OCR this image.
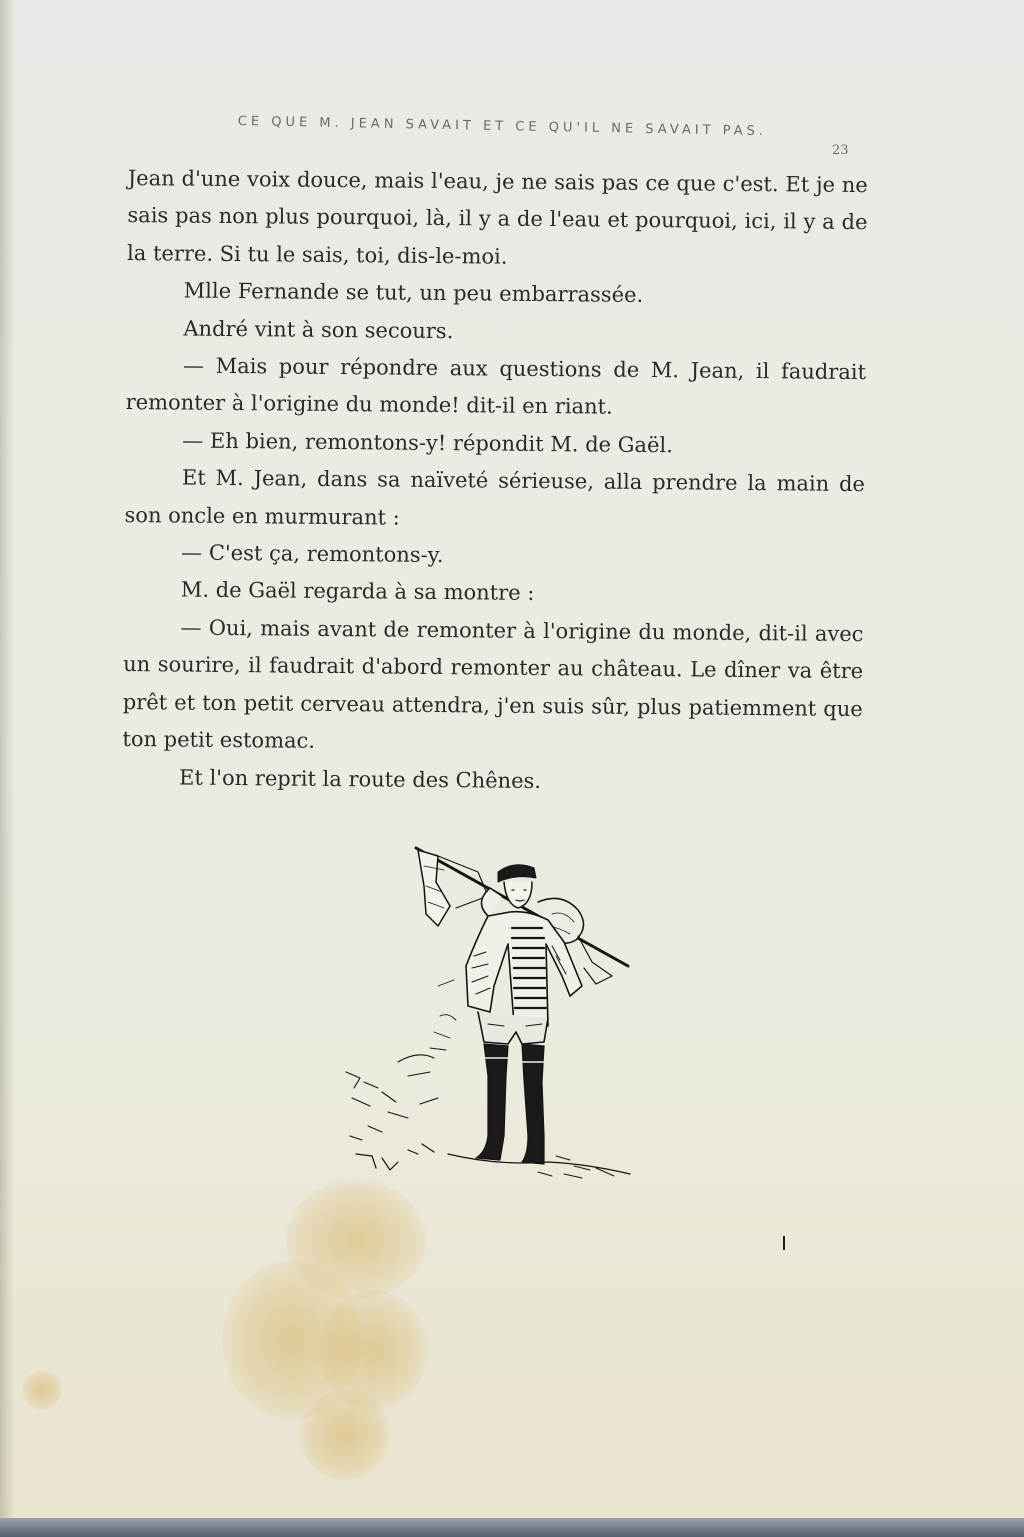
CE QUE M. JEAN SAVAIT ET CE QU'IL NE SAVAIT PAS.
23

Jean d'une voix douce, mais l'eau, je ne sais pas ce que c'est. Et je ne sais pas non plus pourquoi, là, il y a de l'eau et pourquoi, ici, il y a de la terre. Si tu le sais, toi, dis-le-moi.

Mlle Fernande se tut, un peu embarrassée.

André vint à son secours.

— Mais pour répondre aux questions de M. Jean, il faudrait remonter à l'origine du monde! dit-il en riant.

— Eh bien, remontons-y! répondit M. de Gaël.

Et M. Jean, dans sa naïveté sérieuse, alla prendre la main de son oncle en murmurant :

— C'est ça, remontons-y.

M. de Gaël regarda à sa montre :

— Oui, mais avant de remonter à l'origine du monde, dit-il avec un sourire, il faudrait d'abord remonter au château. Le dîner va être prêt et ton petit cerveau attendra, j'en suis sûr, plus patiemment que ton petit estomac.

Et l'on reprit la route des Chênes.
